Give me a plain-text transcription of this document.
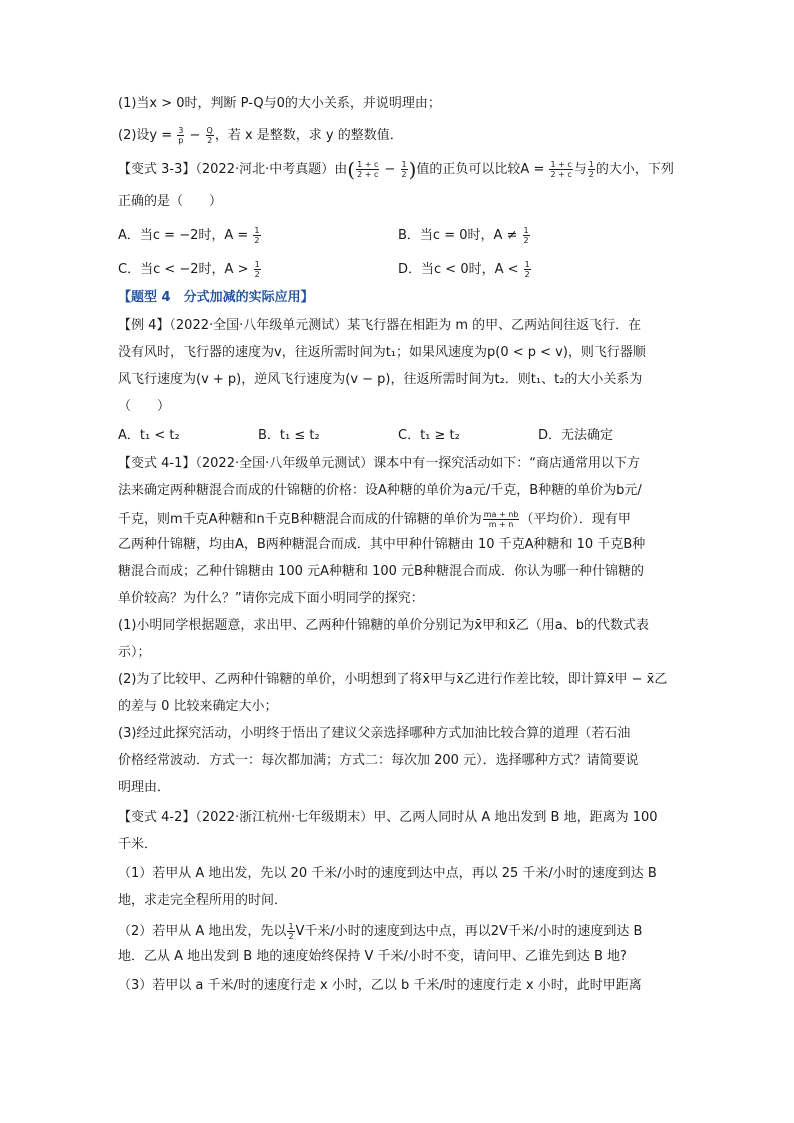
(1)当x > 0时，判断 P-Q与0的大小关系，并说明理由；
(2)设$y = \frac{3}{p} - \frac{Q}{2}$ ，若 x 是整数，求 y 的整数值．
【变式 3-3】（2022·河北·中考真题）由( $\frac{1 + c}{2 + c} - \frac{1}{2}$ )值的正负可以比较$A = \frac{1 + c}{2 + c}$ 与 $\frac{1}{2}$ 的大小，下列
正确的是（　　）
A．当c = −2时，$A = \frac{1}{2}$	B．当c = 0时，$A \ne \frac{1}{2}$
C．当c < −2时，$A > \frac{1}{2}$	D．当c < 0时，$A < \frac{1}{2}$
【题型 4　分式加减的实际应用】
【例 4】（2022·全国·八年级单元测试）某飞行器在相距为 m 的甲、乙两站间往返飞行．在
没有风时，飞行器的速度为v，往返所需时间为t₁；如果风速度为p(0 < p < v)，则飞行器顺
风飞行速度为(v + p)，逆风飞行速度为(v − p)，往返所需时间为t₂．则t₁、t₂的大小关系为
（　　）
A．t₁ < t₂	B．t₁ ≤ t₂	C．t₁ ≥ t₂	D．无法确定
【变式 4-1】（2022·全国·八年级单元测试）课本中有一探究活动如下：“商店通常用以下方
法来确定两种糖混合而成的什锦糖的价格：设A种糖的单价为a元/千克，B种糖的单价为b元/
千克，则m千克A种糖和n千克B种糖混合而成的什锦糖的单价为 $\frac{ma + nb}{m + n}$ （平均价）．现有甲
乙两种什锦糖，均由A，B两种糖混合而成．其中甲种什锦糖由 10 千克A种糖和 10 千克B种
糖混合而成；乙种什锦糖由 100 元A种糖和 100 元B种糖混合而成．你认为哪一种什锦糖的
单价较高？为什么？”请你完成下面小明同学的探究：
(1)小明同学根据题意，求出甲、乙两种什锦糖的单价分别记为x̄甲和x̄乙（用a、b的代数式表
示）；
(2)为了比较甲、乙两种什锦糖的单价，小明想到了将x̄甲与x̄乙进行作差比较，即计算x̄甲 − x̄乙
的差与 0 比较来确定大小；
(3)经过此探究活动，小明终于悟出了建议父亲选择哪种方式加油比较合算的道理（若石油
价格经常波动．方式一：每次都加满；方式二：每次加 200 元）．选择哪种方式？请简要说
明理由．
【变式 4-2】（2022·浙江杭州·七年级期末）甲、乙两人同时从 A 地出发到 B 地，距离为 100
千米．
（1）若甲从 A 地出发，先以 20 千米/小时的速度到达中点，再以 25 千米/小时的速度到达 B
地，求走完全程所用的时间．
（2）若甲从 A 地出发，先以 $\frac{1}{2}$ V千米/小时的速度到达中点，再以2V千米/小时的速度到达 B
地．乙从 A 地出发到 B 地的速度始终保持 V 千米/小时不变，请问甲、乙谁先到达 B 地?
（3）若甲以 a 千米/时的速度行走 x 小时，乙以 b 千米/时的速度行走 x 小时，此时甲距离
